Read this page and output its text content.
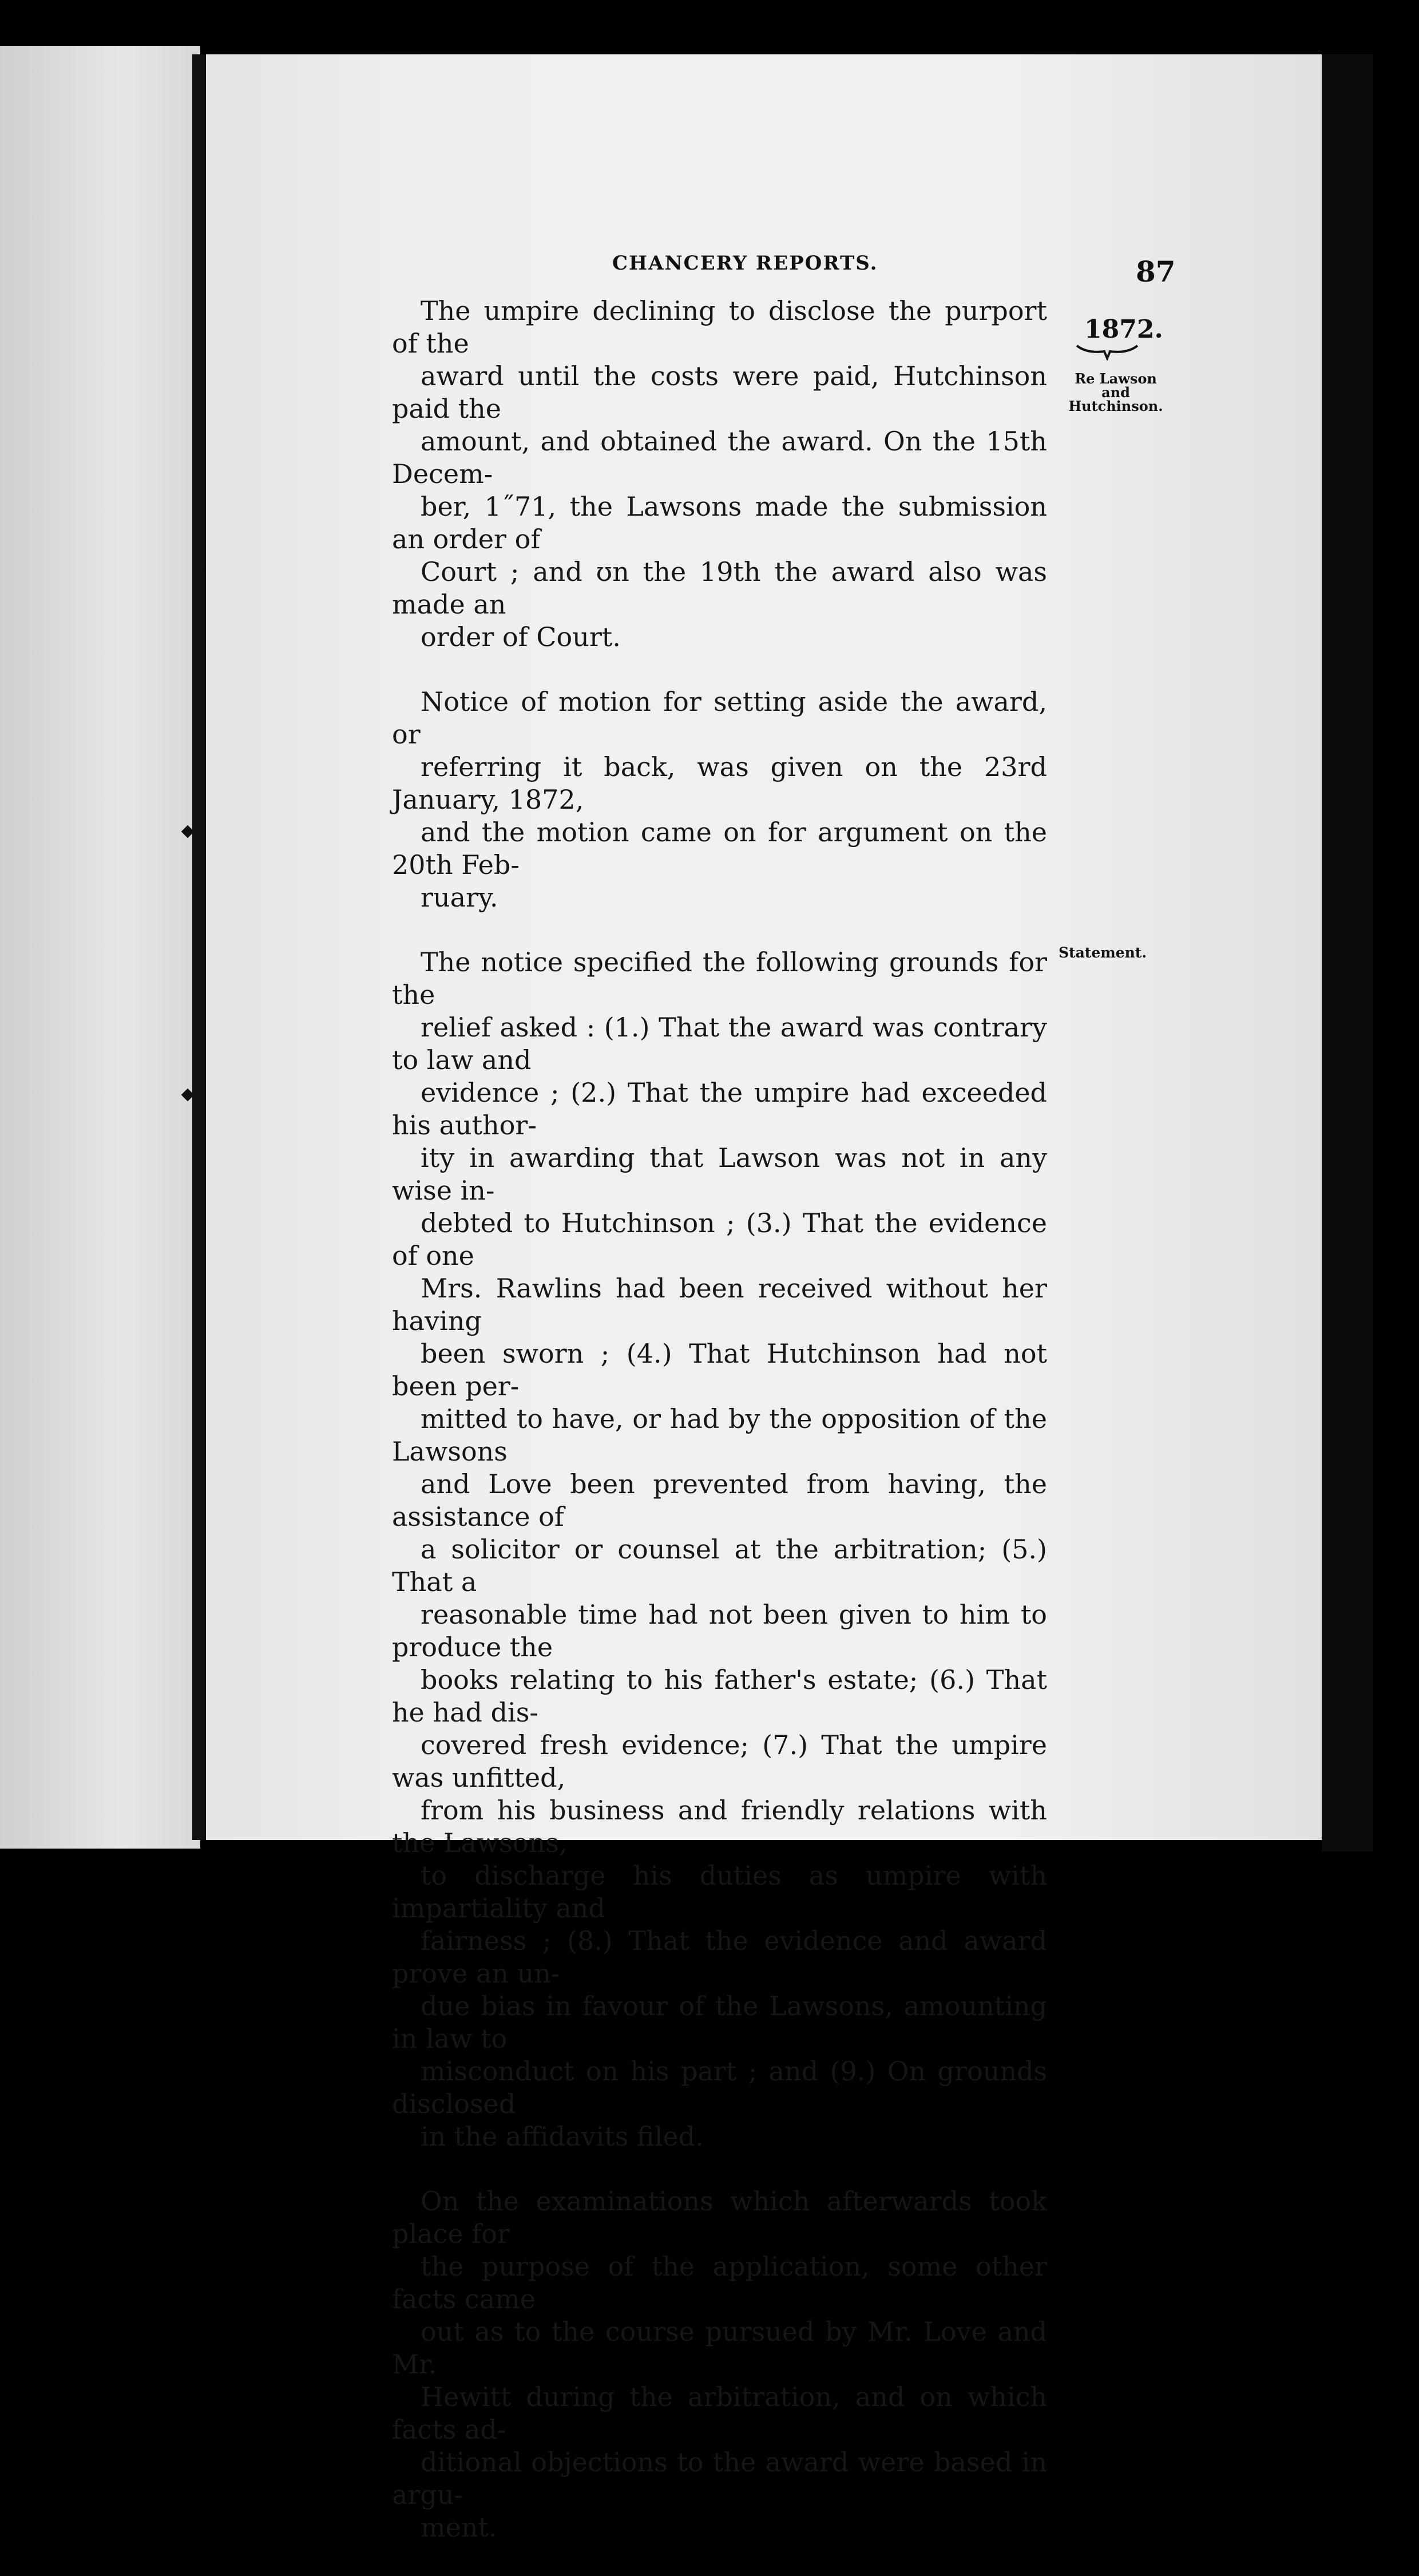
CHANCERY REPORTS.	87
1872.
Re Lawson
and
Hutchinson.
Statement.
The umpire declining to disclose the purport of the
award until the costs were paid, Hutchinson paid the
amount, and obtained the award. On the 15th Decem-
ber, 1˝71, the Lawsons made the submission an order of
Court ; and ʊn the 19th the award also was made an
order of Court.
Notice of motion for setting aside the award, or
referring it back, was given on the 23rd January, 1872,
and the motion came on for argument on the 20th Feb-
ruary.
The notice specified the following grounds for the
relief asked : (1.) That the award was contrary to law and
evidence ; (2.) That the umpire had exceeded his author-
ity in awarding that Lawson was not in any wise in-
debted to Hutchinson ; (3.) That the evidence of one
Mrs. Rawlins had been received without her having
been sworn ; (4.) That Hutchinson had not been per-
mitted to have, or had by the opposition of the Lawsons
and Love been prevented from having, the assistance of
a solicitor or counsel at the arbitration; (5.) That a
reasonable time had not been given to him to produce the
books relating to his father's estate; (6.) That he had dis-
covered fresh evidence; (7.) That the umpire was unfitted,
from his business and friendly relations with the Lawsons,
to discharge his duties as umpire with impartiality and
fairness ; (8.) That the evidence and award prove an un-
due bias in favour of the Lawsons, amounting in law to
misconduct on his part ; and (9.) On grounds disclosed
in the affidavits filed.
On the examinations which afterwards took place for
the purpose of the application, some other facts came
out as to the course pursued by Mr. Love and Mr.
Hewitt during the arbitration, and on which facts ad-
ditional objections to the award were based in argu-
ment.
